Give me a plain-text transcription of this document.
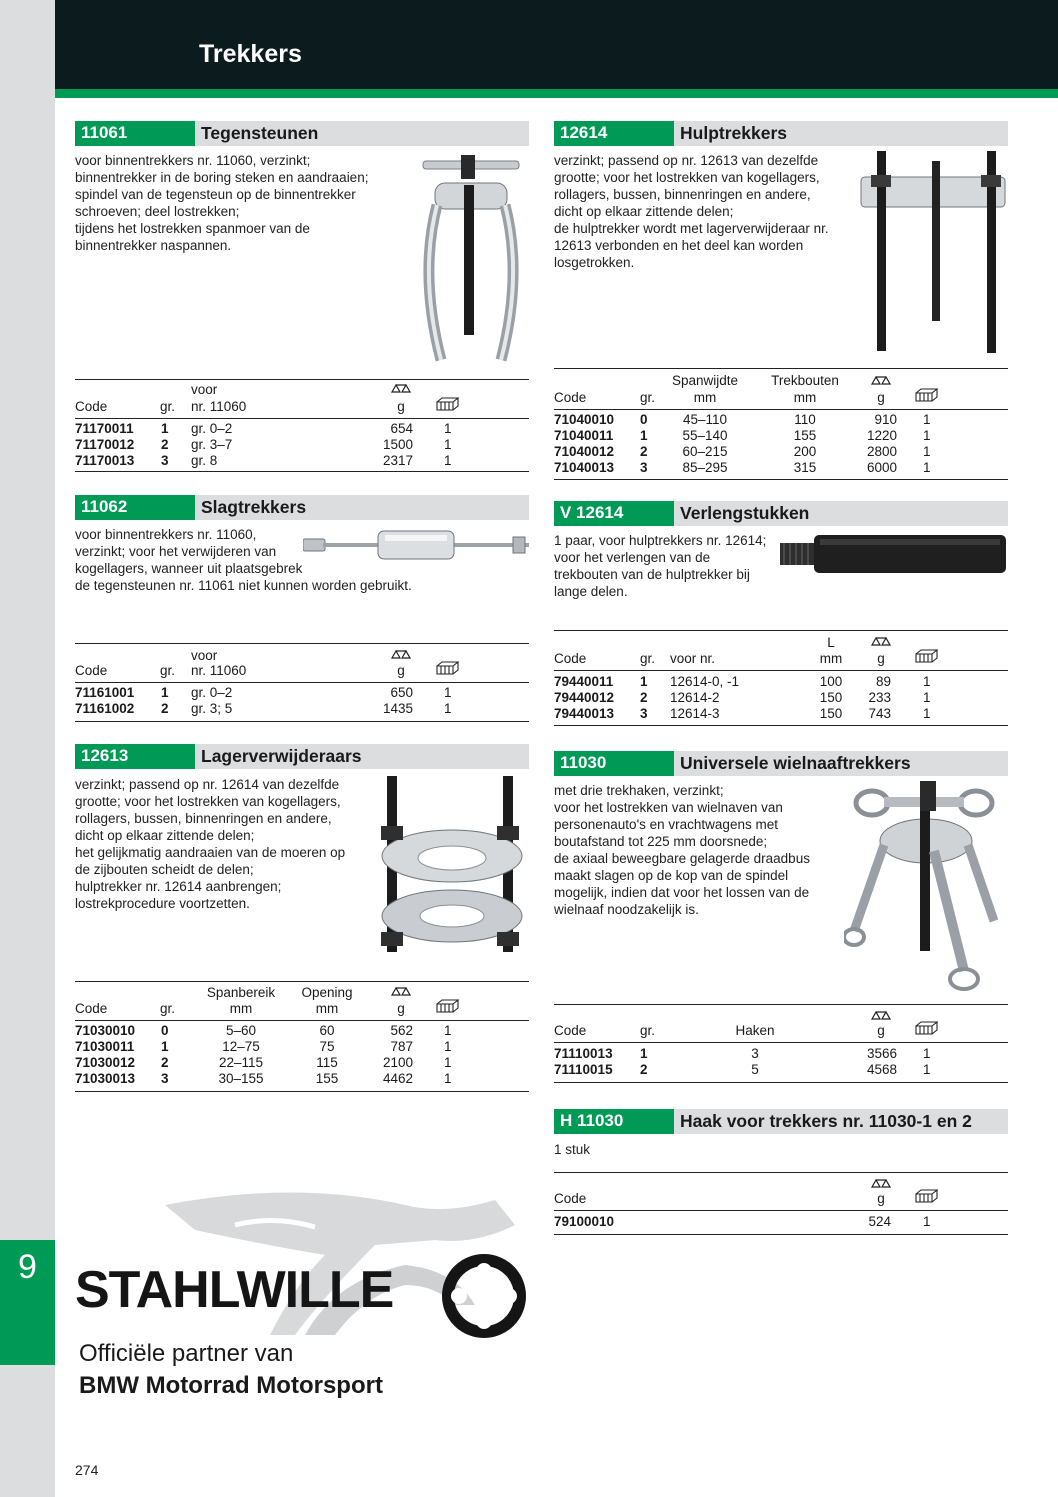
9
Trekkers
11061	Tegensteunen
voor binnentrekkers nr. 11060, verzinkt;
binnentrekker in de boring steken en aandraaien;
spindel van de tegensteun op de binnentrekker
schroeven; deel lostrekken;
tijdens het lostrekken spanmoer van de
binnentrekker naspannen.
voor
Code	gr. nr. 11060	g
71170011 1 gr. 0–2	654 1
71170012 2 gr. 3–7	1500 1
71170013 3 gr. 8	2317 1
12614	Hulptrekkers
verzinkt; passend op nr. 12613 van dezelfde
grootte; voor het lostrekken van kogellagers,
rollagers, bussen, binnenringen en andere,
dicht op elkaar zittende delen;
de hulptrekker wordt met lagerverwijderaar nr.
12613 verbonden en het deel kan worden
losgetrokken.
Spanwijdte	Trekbouten
Code	gr.	mm	mm	g
71040010 0	45–110	110	910 1
71040011 1	55–140	155	1220 1
71040012 2	60–215	200	2800 1
71040013 3	85–295	315	6000 1
11062	Slagtrekkers
voor binnentrekkers nr. 11060,
verzinkt; voor het verwijderen van
kogellagers, wanneer uit plaatsgebrek
de tegensteunen nr. 11061 niet kunnen worden gebruikt.
voor
Code	gr. nr. 11060	g
71161001 1 gr. 0–2	650 1
71161002 2 gr. 3; 5	1435 1
V 12614	Verlengstukken
1 paar, voor hulptrekkers nr. 12614;
voor het verlengen van de
trekbouten van de hulptrekker bij
lange delen.
L
Code	gr. voor nr.	mm	g
79440011 1 12614-0, -1	100	89 1
79440012 2 12614-2	150	233 1
79440013 3 12614-3	150	743 1
12613	Lagerverwijderaars
verzinkt; passend op nr. 12614 van dezelfde
grootte; voor het lostrekken van kogellagers,
rollagers, bussen, binnenringen en andere,
dicht op elkaar zittende delen;
het gelijkmatig aandraaien van de moeren op
de zijbouten scheidt de delen;
hulptrekker nr. 12614 aanbrengen;
lostrekprocedure voortzetten.
Spanbereik	Opening
Code	gr.	mm	mm	g
71030010 0	5–60	60	562 1
71030011 1	12–75	75	787 1
71030012 2	22–115	115	2100 1
71030013 3	30–155	155	4462 1
11030	Universele wielnaaftrekkers
met drie trekhaken, verzinkt;
voor het lostrekken van wielnaven van
personenauto's en vrachtwagens met
boutafstand tot 225 mm doorsnede;
de axiaal beweegbare gelagerde draadbus
maakt slagen op de kop van de spindel
mogelijk, indien dat voor het lossen van de
wielnaaf noodzakelijk is.
Code	gr.	Haken	g
71110013 1	3	3566 1
71110015 2	5	4568 1
H 11030	Haak voor trekkers nr. 11030-1 en 2
1 stuk
Code	g
79100010	524 1
STAHLWILLE
Officiële partner van
BMW Motorrad Motorsport
274
